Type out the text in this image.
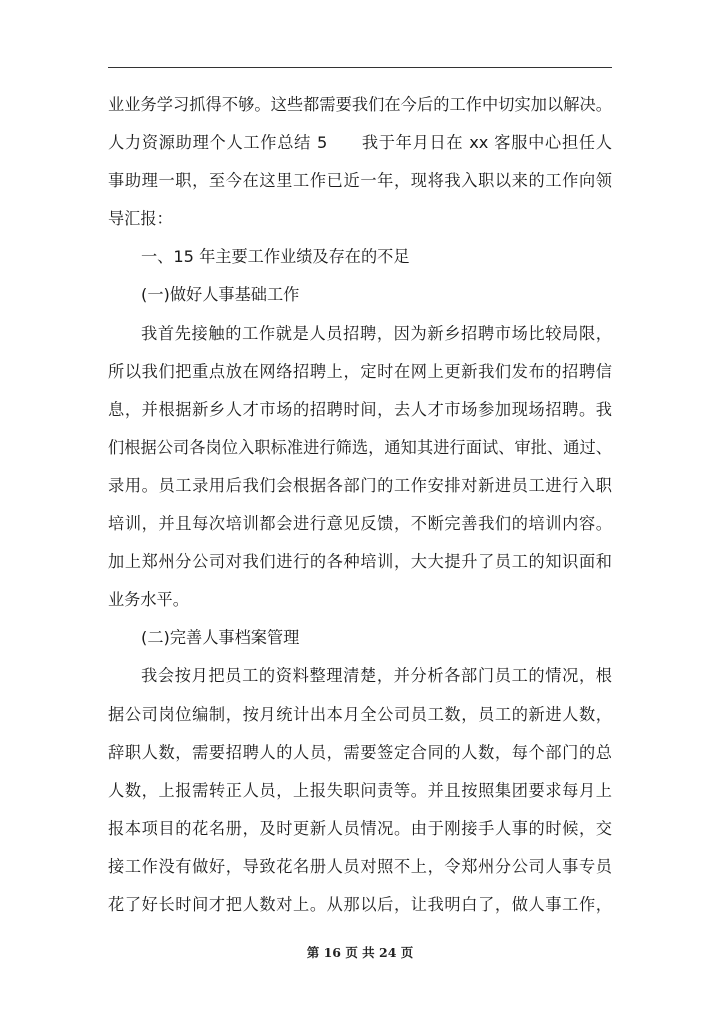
业业务学习抓得不够。这些都需要我们在今后的工作中切实加以解决。
人力资源助理个人工作总结 5　　我于年月日在 xx 客服中心担任人
事助理一职，至今在这里工作已近一年，现将我入职以来的工作向领
导汇报：
一、15 年主要工作业绩及存在的不足
(一)做好人事基础工作
我首先接触的工作就是人员招聘，因为新乡招聘市场比较局限，
所以我们把重点放在网络招聘上，定时在网上更新我们发布的招聘信
息，并根据新乡人才市场的招聘时间，去人才市场参加现场招聘。我
们根据公司各岗位入职标准进行筛选，通知其进行面试、审批、通过、
录用。员工录用后我们会根据各部门的工作安排对新进员工进行入职
培训，并且每次培训都会进行意见反馈，不断完善我们的培训内容。
加上郑州分公司对我们进行的各种培训，大大提升了员工的知识面和
业务水平。
(二)完善人事档案管理
我会按月把员工的资料整理清楚，并分析各部门员工的情况，根
据公司岗位编制，按月统计出本月全公司员工数，员工的新进人数，
辞职人数，需要招聘人的人员，需要签定合同的人数，每个部门的总
人数，上报需转正人员，上报失职问责等。并且按照集团要求每月上
报本项目的花名册，及时更新人员情况。由于刚接手人事的时候，交
接工作没有做好，导致花名册人员对照不上，令郑州分公司人事专员
花了好长时间才把人数对上。从那以后，让我明白了，做人事工作，
第 16 页 共 24 页
